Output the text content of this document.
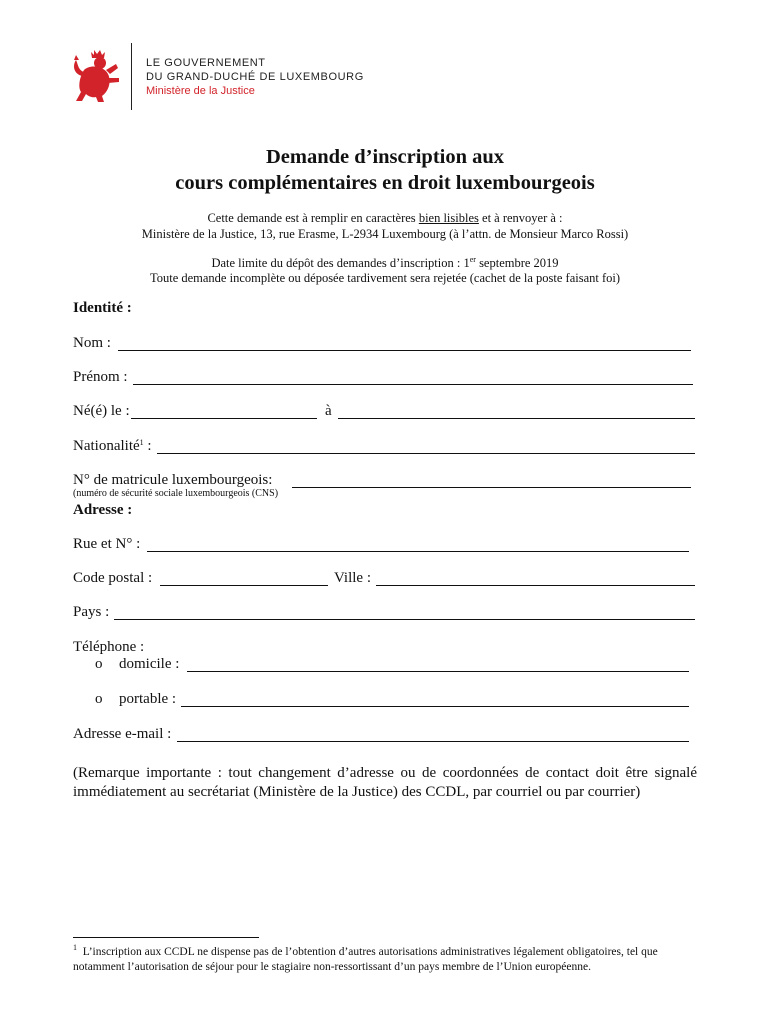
LE GOUVERNEMENT
DU GRAND-DUCHÉ DE LUXEMBOURG
Ministère de la Justice
Demande d’inscription aux
cours complémentaires en droit luxembourgeois
Cette demande est à remplir en caractères bien lisibles et à renvoyer à :
Ministère de la Justice, 13, rue Erasme, L-2934 Luxembourg (à l’attn. de Monsieur Marco Rossi)
Date limite du dépôt des demandes d’inscription : 1er septembre 2019
Toute demande incomplète ou déposée tardivement sera rejetée (cachet de la poste faisant foi)
Identité :
Nom :
Prénom :
Né(é) le :	à
Nationalité$^1$ :
N° de matricule luxembourgeois:
(numéro de sécurité sociale luxembourgeois (CNS)
Adresse :
Rue et N° :
Code postal :	Ville :
Pays :
Téléphone :
o domicile :
o portable :
Adresse e-mail :
(Remarque importante : tout changement d’adresse ou de coordonnées de contact doit être signalé immédiatement au secrétariat (Ministère de la Justice) des CCDL, par courriel ou par courrier)
$^1$ L’inscription aux CCDL ne dispense pas de l’obtention d’autres autorisations administratives légalement obligatoires, tel que notamment l’autorisation de séjour pour le stagiaire non-ressortissant d’un pays membre de l’Union européenne.
